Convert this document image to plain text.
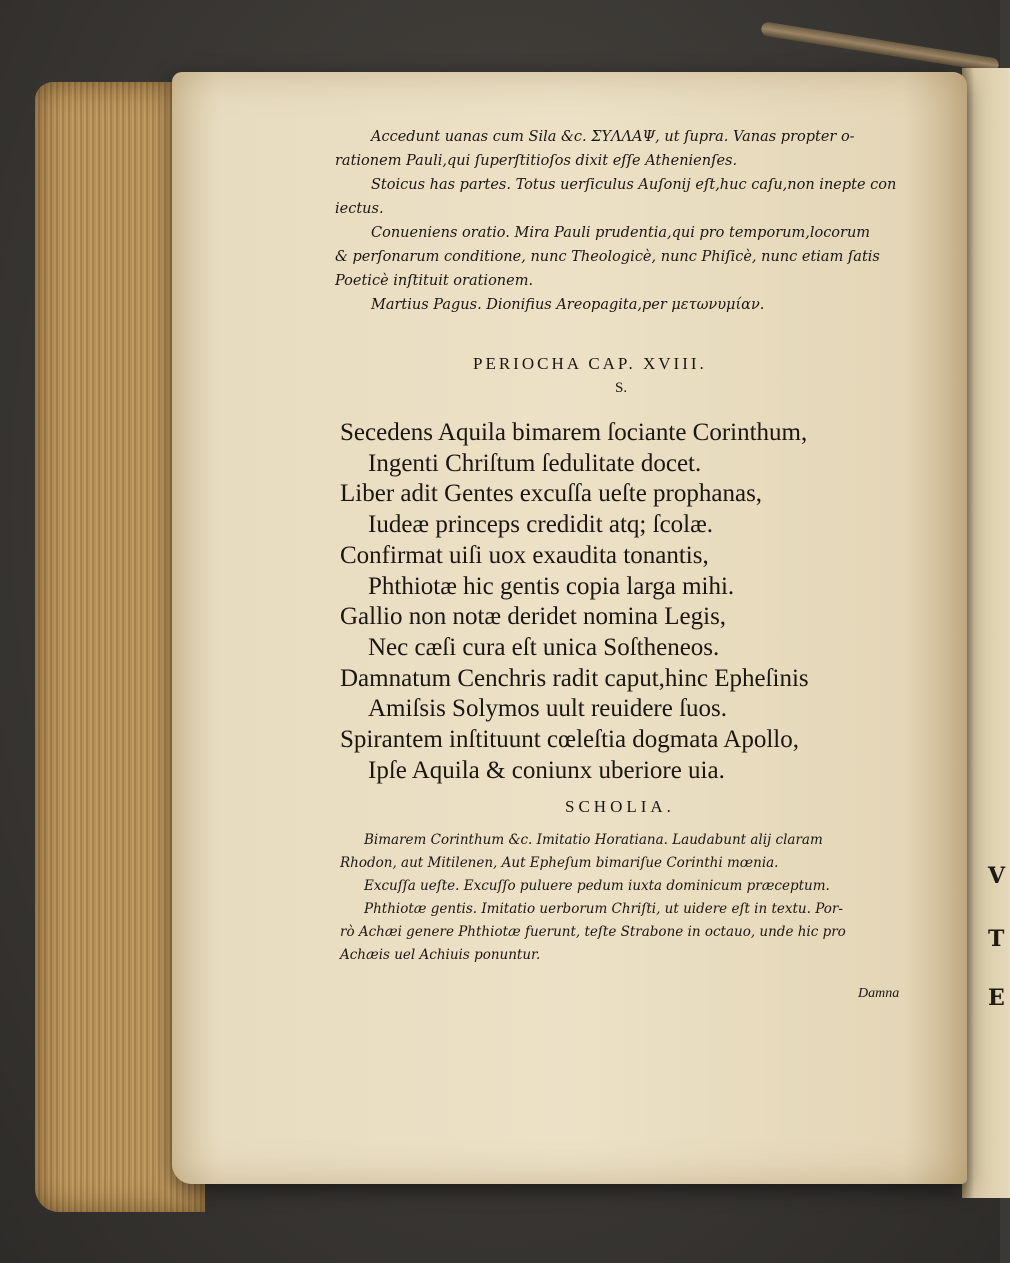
V
T
E

Accedunt uanas cum Sila &c. ΣΥΛΛΑΨ, ut ſupra. Vanas propter o-

rationem Pauli,qui ſuperſtitioſos dixit eſſe Athenienſes.

Stoicus has partes. Totus uerſiculus Auſonij eſt,huc caſu,non inepte con

iectus.

Conueniens oratio. Mira Pauli prudentia,qui pro temporum,locorum

& perſonarum conditione, nunc Theologicè, nunc Phiſicè, nunc etiam ſatis

Poeticè inſtituit orationem.

Martius Pagus. Dionifius Areopagita,per μετωνυμίαν.

PERIOCHA CAP. XVIII.
S.

Secedens Aquila bimarem ſociante Corinthum,

Ingenti Chriſtum ſedulitate docet.

Liber adit Gentes excuſſa ueſte prophanas,

Iudeæ princeps credidit atq; ſcolæ.

Confirmat uiſi uox exaudita tonantis,

Phthiotæ hic gentis copia larga mihi.

Gallio non notæ deridet nomina Legis,

Nec cæſi cura eſt unica Soſtheneos.

Damnatum Cenchris radit caput,hinc Epheſinis

Amiſsis Solymos uult reuidere ſuos.

Spirantem inſtituunt cœleſtia dogmata Apollo,

Ipſe Aquila & coniunx uberiore uia.

SCHOLIA.

Bimarem Corinthum &c. Imitatio Horatiana. Laudabunt alij claram

Rhodon, aut Mitilenen, Aut Epheſum bimariſue Corinthi mœnia.

Excuſſa ueſte. Excuſſo puluere pedum iuxta dominicum præceptum.

Phthiotæ gentis. Imitatio uerborum Chriſti, ut uidere eſt in textu. Por-

rò Achæi genere Phthiotæ fuerunt, teſte Strabone in octauo, unde hic pro

Achæis uel Achiuis ponuntur.

Damna
